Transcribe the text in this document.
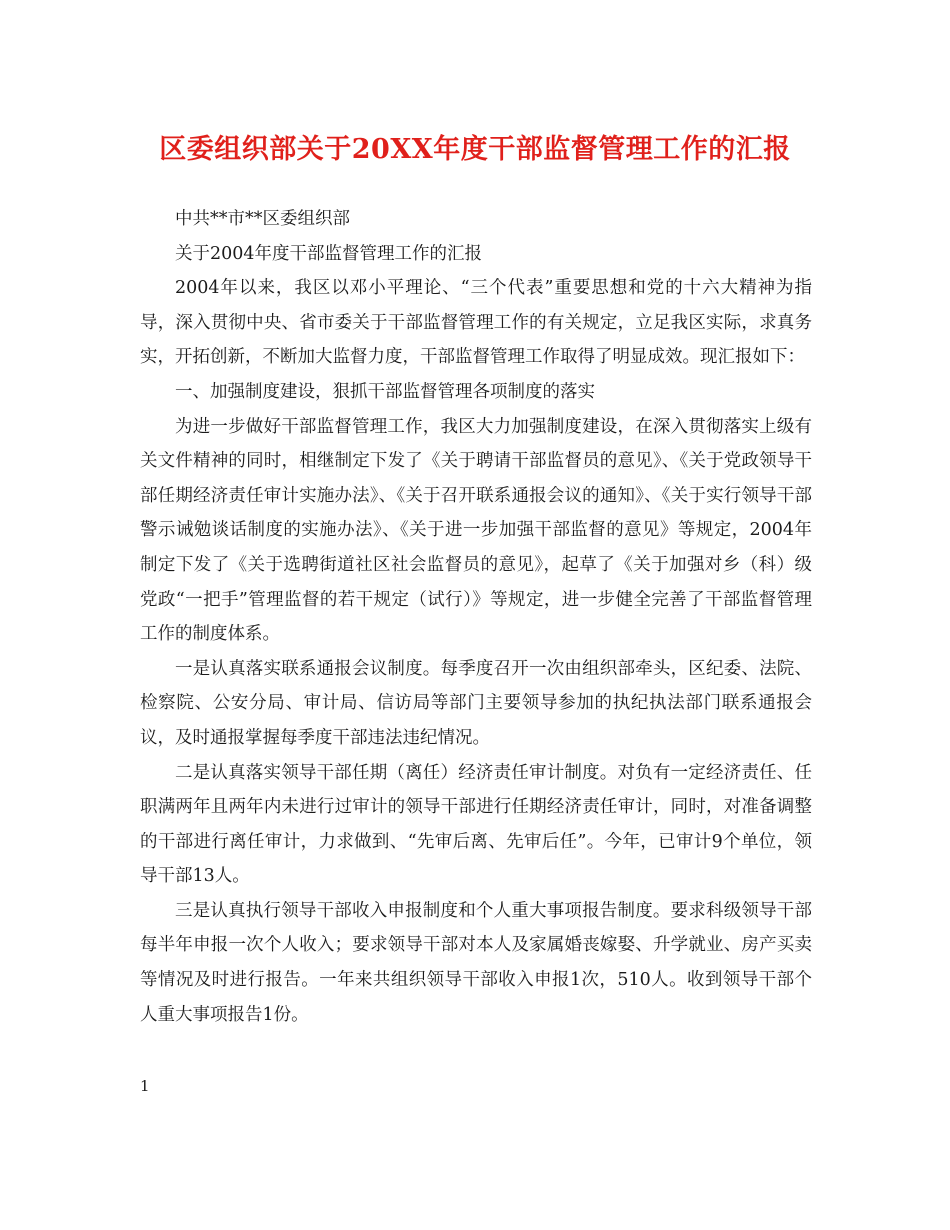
区委组织部关于20XX年度干部监督管理工作的汇报

中共**市**区委组织部

关于2004年度干部监督管理工作的汇报

2004年以来，我区以邓小平理论、“三个代表”重要思想和党的十六大精神为指导，深入贯彻中央、省市委关于干部监督管理工作的有关规定，立足我区实际，求真务实，开拓创新，不断加大监督力度，干部监督管理工作取得了明显成效。现汇报如下：

一、加强制度建设，狠抓干部监督管理各项制度的落实

为进一步做好干部监督管理工作，我区大力加强制度建设，在深入贯彻落实上级有关文件精神的同时，相继制定下发了《关于聘请干部监督员的意见》、《关于党政领导干部任期经济责任审计实施办法》、《关于召开联系通报会议的通知》、《关于实行领导干部警示诫勉谈话制度的实施办法》、《关于进一步加强干部监督的意见》等规定，2004年制定下发了《关于选聘街道社区社会监督员的意见》，起草了《关于加强对乡（科）级党政“一把手”管理监督的若干规定（试行）》等规定，进一步健全完善了干部监督管理工作的制度体系。

一是认真落实联系通报会议制度。每季度召开一次由组织部牵头，区纪委、法院、检察院、公安分局、审计局、信访局等部门主要领导参加的执纪执法部门联系通报会议，及时通报掌握每季度干部违法违纪情况。

二是认真落实领导干部任期（离任）经济责任审计制度。对负有一定经济责任、任职满两年且两年内未进行过审计的领导干部进行任期经济责任审计，同时，对准备调整的干部进行离任审计，力求做到、“先审后离、先审后任”。今年，已审计9个单位，领导干部13人。

三是认真执行领导干部收入申报制度和个人重大事项报告制度。要求科级领导干部每半年申报一次个人收入；要求领导干部对本人及家属婚丧嫁娶、升学就业、房产买卖等情况及时进行报告。一年来共组织领导干部收入申报1次，510人。收到领导干部个人重大事项报告1份。

1
